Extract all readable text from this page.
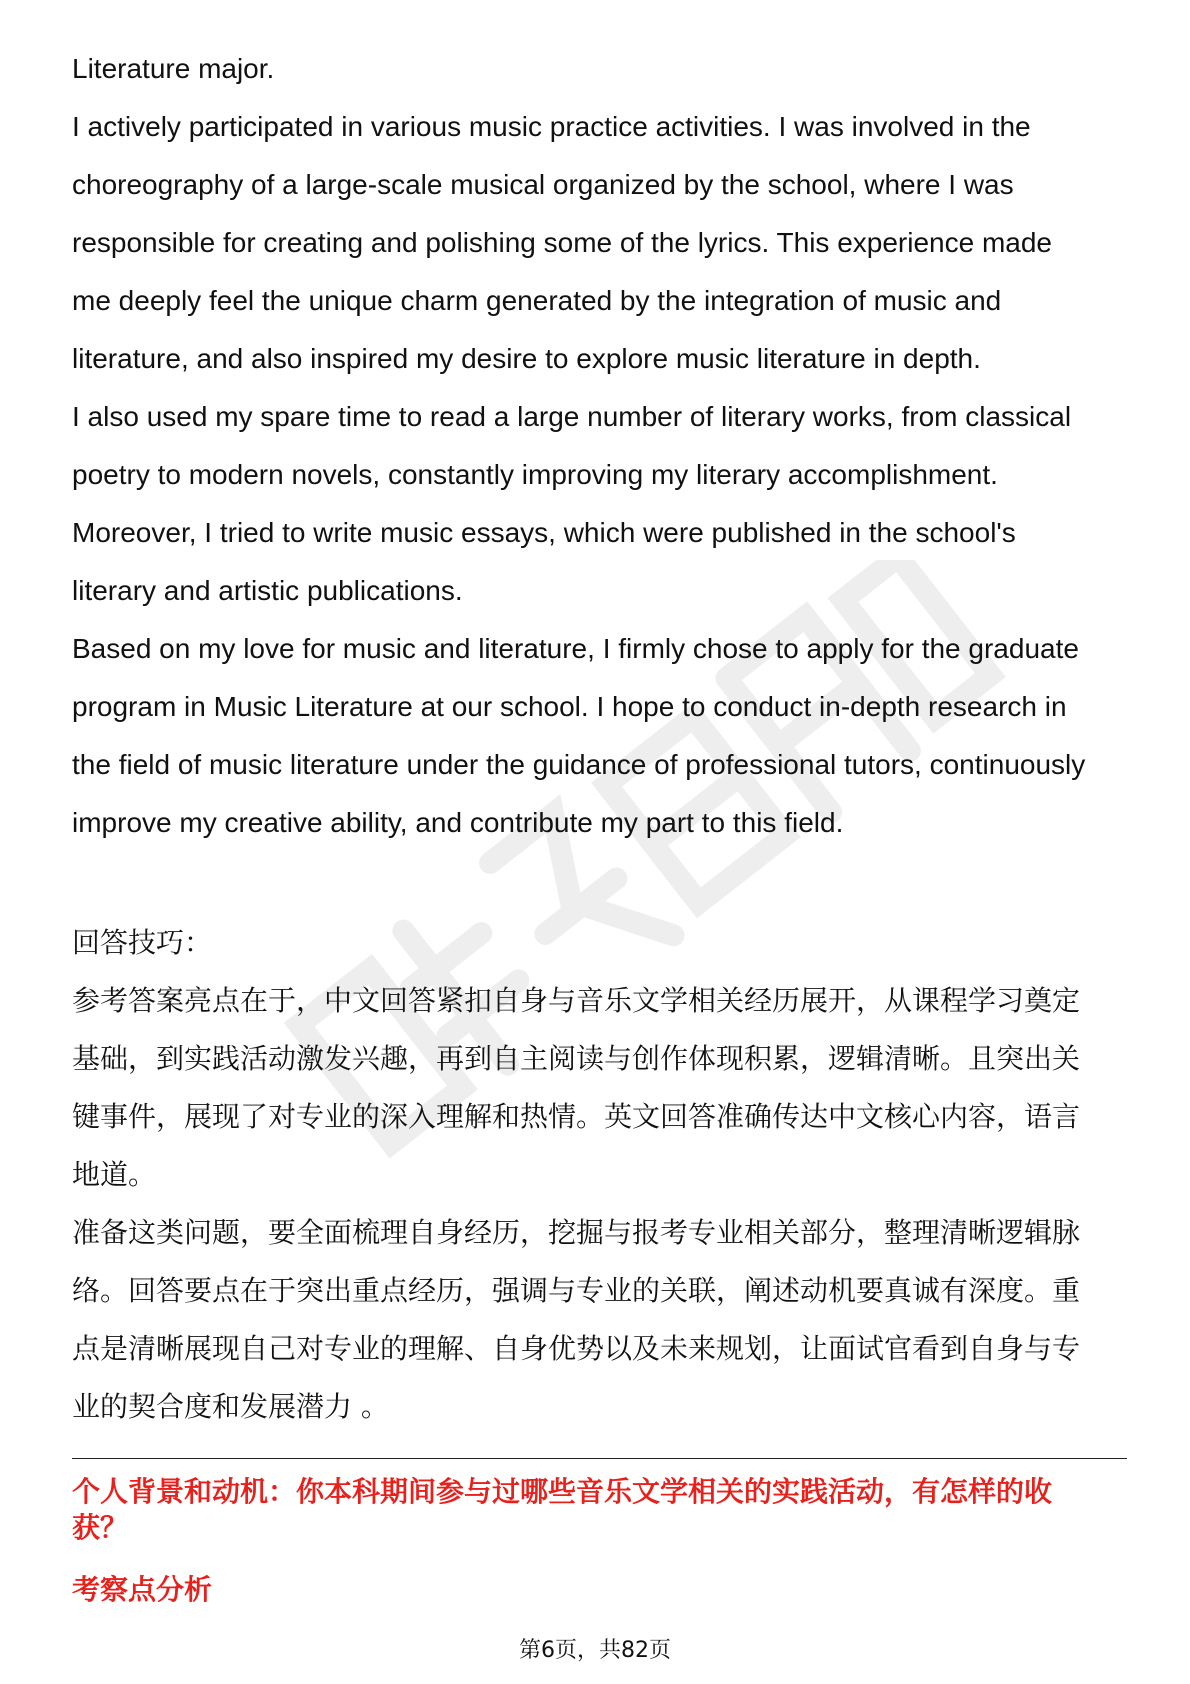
Literature major.

I actively participated in various music practice activities. I was involved in the

choreography of a large-scale musical organized by the school, where I was

responsible for creating and polishing some of the lyrics. This experience made

me deeply feel the unique charm generated by the integration of music and

literature, and also inspired my desire to explore music literature in depth.

I also used my spare time to read a large number of literary works, from classical

poetry to modern novels, constantly improving my literary accomplishment.

Moreover, I tried to write music essays, which were published in the school's

literary and artistic publications.

Based on my love for music and literature, I firmly chose to apply for the graduate

program in Music Literature at our school. I hope to conduct in-depth research in

the field of music literature under the guidance of professional tutors, continuously

improve my creative ability, and contribute my part to this field.

回答技巧：

参考答案亮点在于，中文回答紧扣自身与音乐文学相关经历展开，从课程学习奠定

基础，到实践活动激发兴趣，再到自主阅读与创作体现积累，逻辑清晰。且突出关

键事件，展现了对专业的深入理解和热情。英文回答准确传达中文核心内容，语言

地道。

准备这类问题，要全面梳理自身经历，挖掘与报考专业相关部分，整理清晰逻辑脉

络。回答要点在于突出重点经历，强调与专业的关联，阐述动机要真诚有深度。重

点是清晰展现自己对专业的理解、自身优势以及未来规划，让面试官看到自身与专

业的契合度和发展潜力 。

个人背景和动机：你本科期间参与过哪些音乐文学相关的实践活动，有怎样的收

获？

考察点分析
第6页，共82页
